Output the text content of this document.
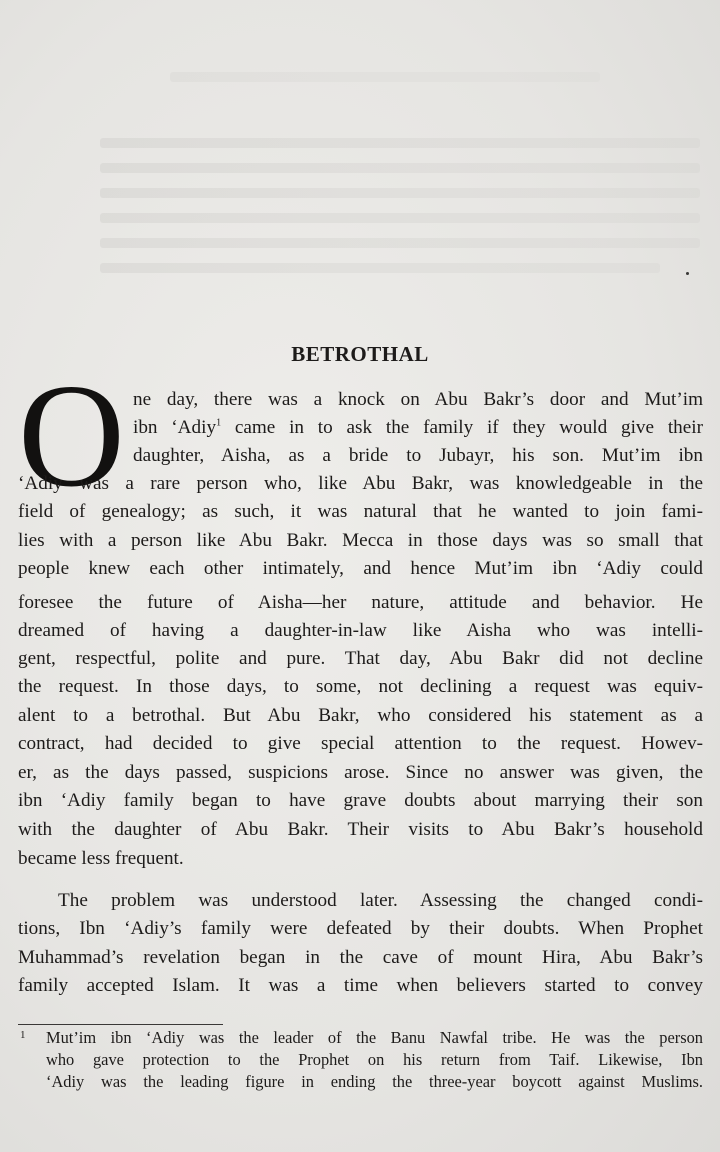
BETROTHAL
O ne day, there was a knock on Abu Bakr’s door and Mut’im
ibn ‘Adiy$^1$ came in to ask the family if they would give their
daughter, Aisha, as a bride to Jubayr, his son. Mut’im ibn
‘Adiy was a rare person who, like Abu Bakr, was knowledgeable in the
field of genealogy; as such, it was natural that he wanted to join fami-
lies with a person like Abu Bakr. Mecca in those days was so small that
people knew each other intimately, and hence Mut’im ibn ‘Adiy could
foresee the future of Aisha—her nature, attitude and behavior. He
dreamed of having a daughter-in-law like Aisha who was intelli-
gent, respectful, polite and pure. That day, Abu Bakr did not decline
the request. In those days, to some, not declining a request was equiv-
alent to a betrothal. But Abu Bakr, who considered his statement as a
contract, had decided to give special attention to the request. Howev-
er, as the days passed, suspicions arose. Since no answer was given, the
ibn ‘Adiy family began to have grave doubts about marrying their son
with the daughter of Abu Bakr. Their visits to Abu Bakr’s household
became less frequent.
The problem was understood later. Assessing the changed condi-
tions, Ibn ‘Adiy’s family were defeated by their doubts. When Prophet
Muhammad’s revelation began in the cave of mount Hira, Abu Bakr’s
family accepted Islam. It was a time when believers started to convey
1 Mut’im ibn ‘Adiy was the leader of the Banu Nawfal tribe. He was the person
who gave protection to the Prophet on his return from Taif. Likewise, Ibn
‘Adiy was the leading figure in ending the three-year boycott against Muslims.
